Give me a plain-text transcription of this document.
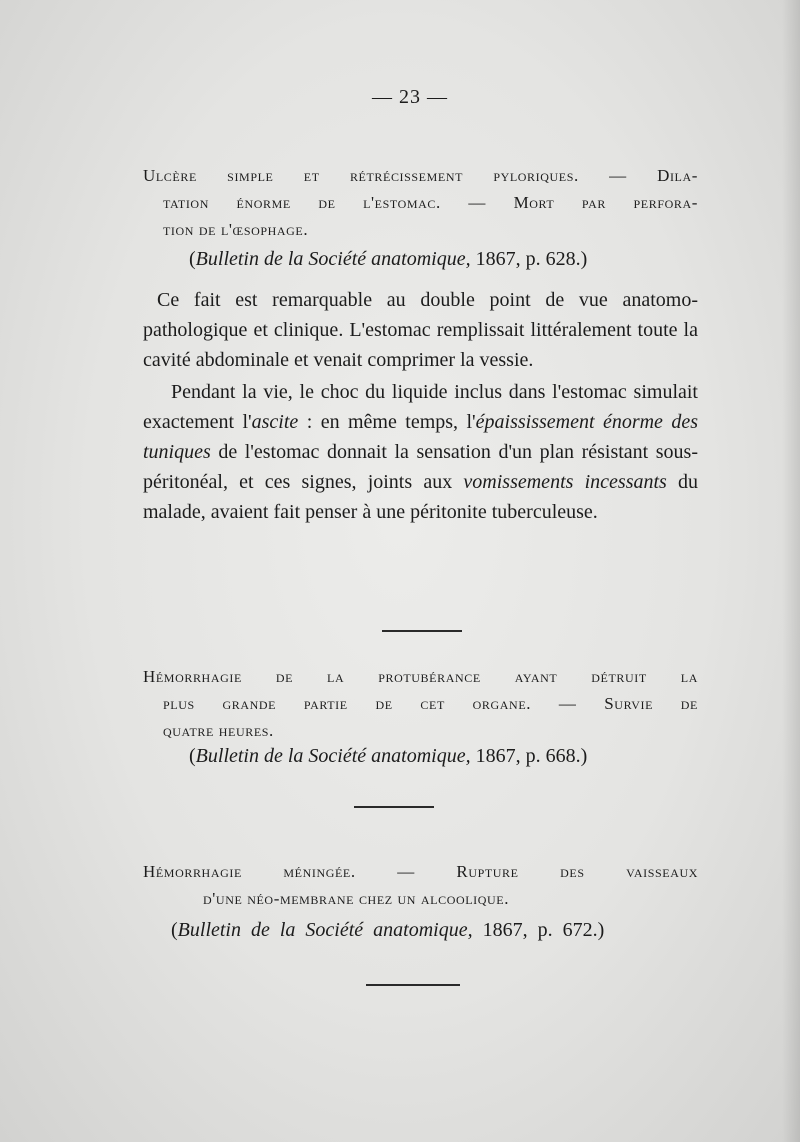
— 23 —

Ulcère simple et rétrécissement pyloriques. — Dila-
tation énorme de l'estomac. — Mort par perfora-
tion de l'œsophage.

(Bulletin de la Société anatomique, 1867, p. 628.)

Ce fait est remarquable au double point de vue anatomo-pathologique et clinique. L'estomac remplissait littéralement toute la cavité abdominale et venait comprimer la vessie.

Pendant la vie, le choc du liquide inclus dans l'estomac simulait exactement l'ascite : en même temps, l'épaississement énorme des tuniques de l'estomac donnait la sensation d'un plan résistant sous-péritonéal, et ces signes, joints aux vomissements incessants du malade, avaient fait penser à une péritonite tuberculeuse.

Hémorrhagie de la protubérance ayant détruit la
plus grande partie de cet organe. — Survie de
quatre heures.

(Bulletin de la Société anatomique, 1867, p. 668.)

Hémorrhagie méningée. — Rupture des vaisseaux
d'une néo-membrane chez un alcoolique.

(Bulletin de la Société anatomique, 1867, p. 672.)
